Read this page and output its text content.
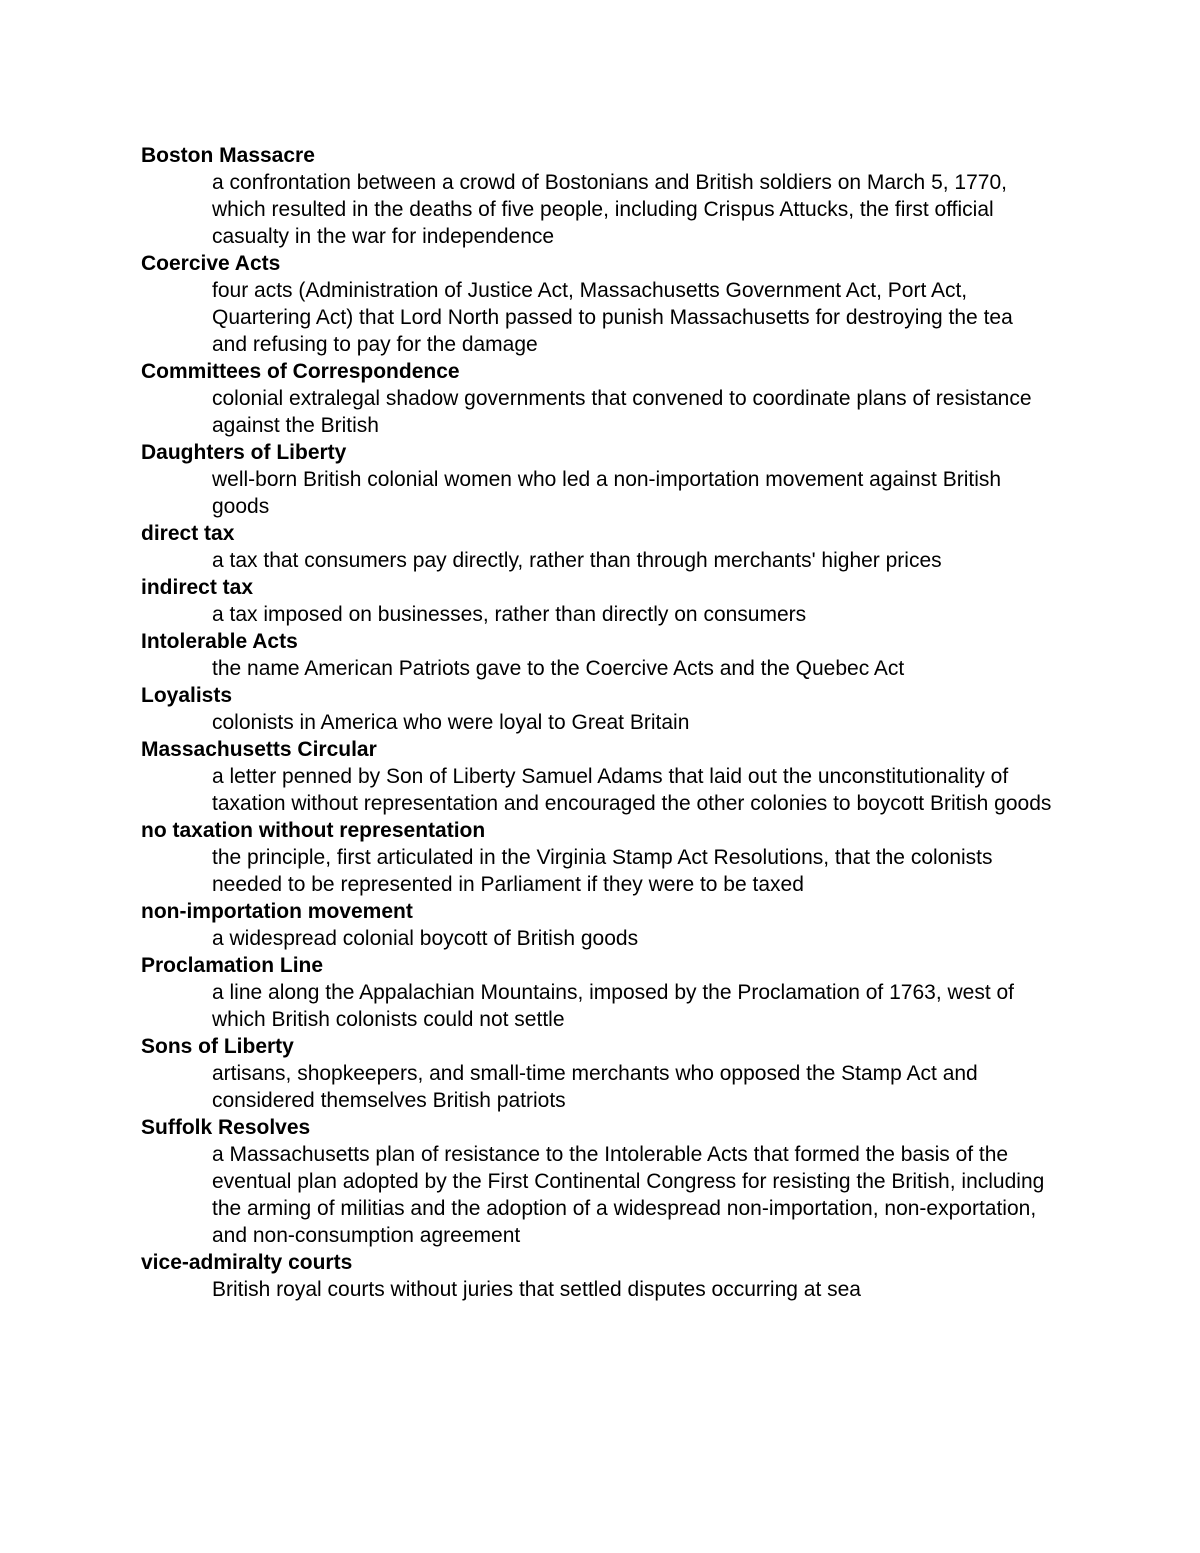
Boston Massacre
a confrontation between a crowd of Bostonians and British soldiers on March 5, 1770, which resulted in the deaths of five people, including Crispus Attucks, the first official casualty in the war for independence
Coercive Acts
four acts (Administration of Justice Act, Massachusetts Government Act, Port Act, Quartering Act) that Lord North passed to punish Massachusetts for destroying the tea and refusing to pay for the damage
Committees of Correspondence
colonial extralegal shadow governments that convened to coordinate plans of resistance against the British
Daughters of Liberty
well-born British colonial women who led a non-importation movement against British goods
direct tax
a tax that consumers pay directly, rather than through merchants' higher prices
indirect tax
a tax imposed on businesses, rather than directly on consumers
Intolerable Acts
the name American Patriots gave to the Coercive Acts and the Quebec Act
Loyalists
colonists in America who were loyal to Great Britain
Massachusetts Circular
a letter penned by Son of Liberty Samuel Adams that laid out the unconstitutionality of taxation without representation and encouraged the other colonies to boycott British goods
no taxation without representation
the principle, first articulated in the Virginia Stamp Act Resolutions, that the colonists needed to be represented in Parliament if they were to be taxed
non-importation movement
a widespread colonial boycott of British goods
Proclamation Line
a line along the Appalachian Mountains, imposed by the Proclamation of 1763, west of which British colonists could not settle
Sons of Liberty
artisans, shopkeepers, and small-time merchants who opposed the Stamp Act and considered themselves British patriots
Suffolk Resolves
a Massachusetts plan of resistance to the Intolerable Acts that formed the basis of the eventual plan adopted by the First Continental Congress for resisting the British, including the arming of militias and the adoption of a widespread non-importation, non-exportation, and non-consumption agreement
vice-admiralty courts
British royal courts without juries that settled disputes occurring at sea
